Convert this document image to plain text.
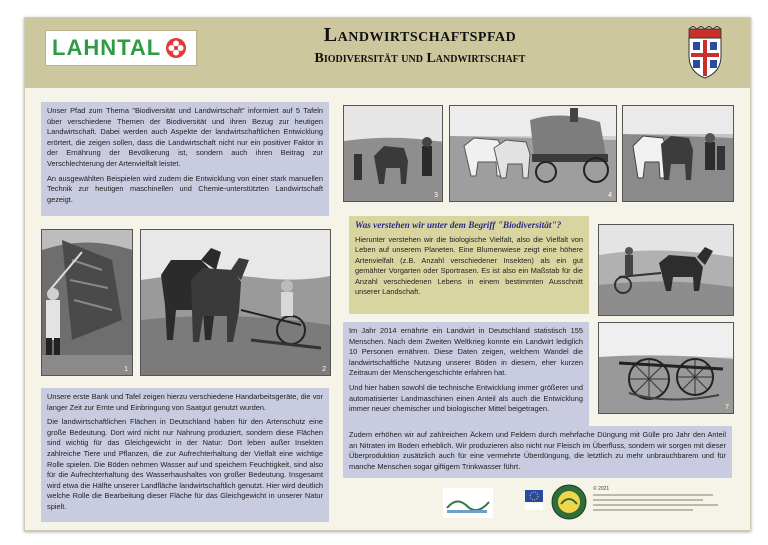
LAHNTAL	Landwirtschaftspfad
Biodiversität und Landwirtschaft

Unser Pfad zum Thema "Biodiversität und Landwirtschaft" informiert auf 5 Tafeln über verschiedene Themen der Biodiversität und ihren Bezug zur heutigen Landwirtschaft. Dabei werden auch Aspekte der landwirtschaftlichen Entwicklung erörtert, die zeigen sollen, dass die Landwirtschaft nicht nur ein positiver Faktor in der Ernährung der Bevölkerung ist, sondern auch ihren Beitrag zur Verschlechterung der Artenvielfalt leistet.

An ausgewählten Beispielen wird zudem die Entwicklung von einer stark manuellen Technik zur heutigen maschinellen und Chemie-unterstützten Landwirtschaft gezeigt.

1	2

Unsere erste Bank und Tafel zeigen hierzu verschiedene Handarbeitsgeräte, die vor langer Zeit zur Ernte und Einbringung von Saatgut genutzt wurden.

Die landwirtschaftlichen Flächen in Deutschland haben für den Artenschutz eine große Bedeutung. Dort wird nicht nur Nahrung produziert, sondern diese Flächen sind wichtig für das Gleichgewicht in der Natur: Dort leben außer Insekten zahlreiche Tiere und Pflanzen, die zur Aufrechterhaltung der Vielfalt eine wichtige Rolle spielen. Die Böden nehmen Wasser auf und speichern Feuchtigkeit, sind also für die Aufrechterhaltung des Wasserhaushaltes von großer Bedeutung. Insgesamt wird etwa die Hälfte unserer Landfläche landwirtschaftlich genutzt. Hier wird deutlich welche Rolle die Bearbeitung dieser Fläche für das Gleichgewicht in unserer Natur spielt.

3	4
Was verstehen wir unter dem Begriff "Biodiversität"?
Hierunter verstehen wir die biologische Vielfalt, also die Vielfalt von Leben auf unserem Planeten. Eine Blumenwiese zeigt eine höhere Artenvielfalt (z.B. Anzahl verschiedener Insekten) als ein gut gemähter Vorgarten oder Sportrasen. Es ist also ein Maßstab für die Anzahl verschiedenen Lebens in einem bestimmten Ausschnitt unserer Landschaft.

Im Jahr 2014 ernährte ein Landwirt in Deutschland statistisch 155 Menschen. Nach dem Zweiten Weltkrieg konnte ein Landwirt lediglich 10 Personen ernähren. Diese Daten zeigen, welchem Wandel die landwirtschaftliche Nutzung unserer Böden in diesem, eher kurzen Zeitraum der Menschengeschichte erfahren hat.

Und hier haben sowohl die technische Entwicklung immer größerer und automatisierter Landmaschinen einen Anteil als auch die Entwicklung immer neuer chemischer und biologischer Mittel beigetragen.	7

Zudem erhöhen wir auf zahlreichen Äckern und Feldern durch mehrfache Düngung mit Gülle pro Jahr den Anteil an Nitraten im Boden erheblich. Wir produzieren also nicht nur Fleisch im Überfluss, sondern wir sorgen mit dieser Überproduktion zusätzlich auch für eine vermehrte Überdüngung, die letztlich zu mehr unbrauchbarem und für manche Menschen sogar giftigem Trinkwasser führt.

© 2021
